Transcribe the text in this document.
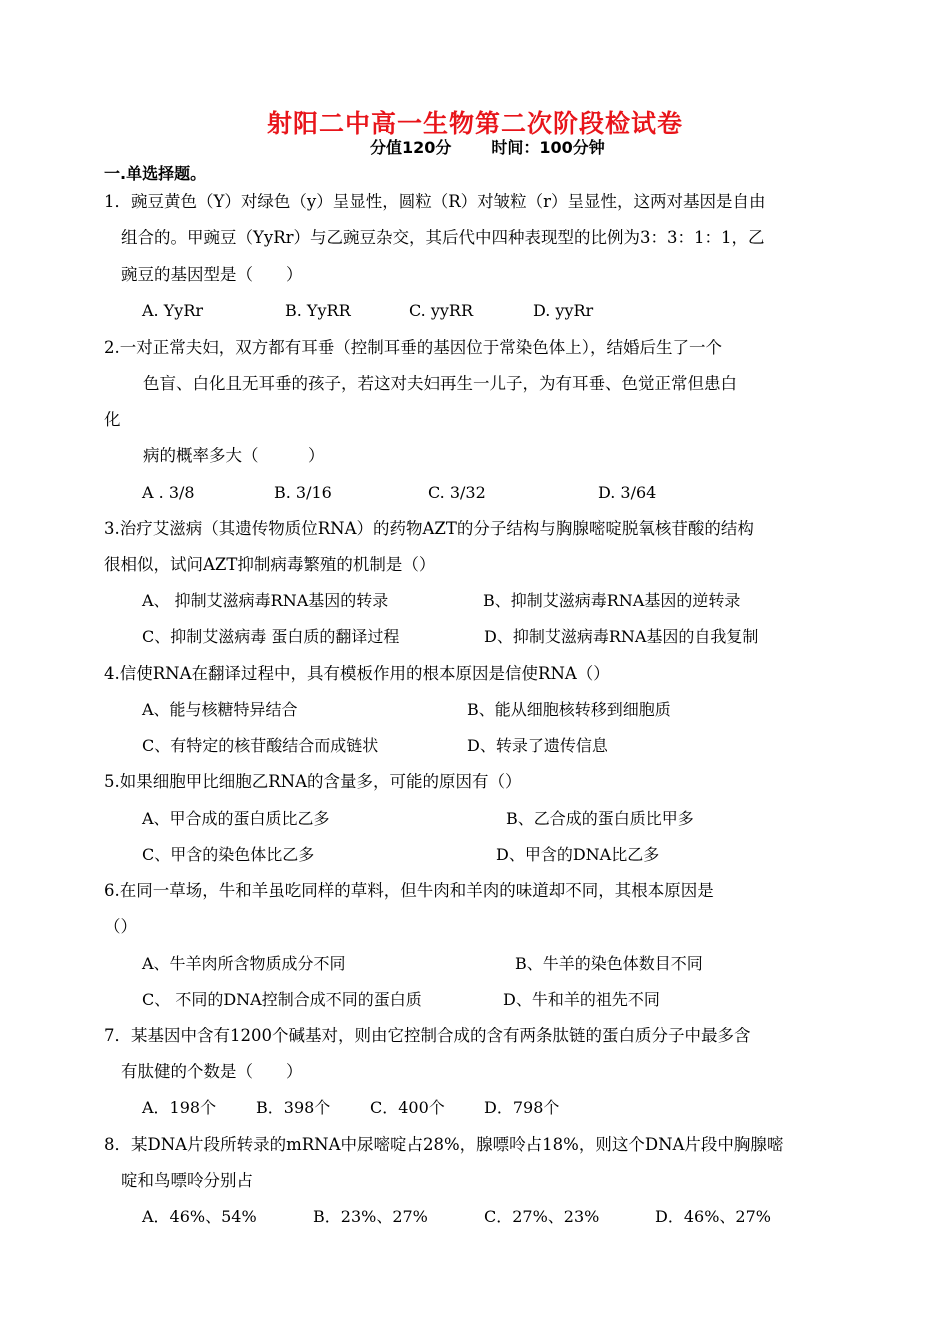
射阳二中高一生物第二次阶段检试卷
分值120分	时间：100分钟
一.单选择题。
1．豌豆黄色（Y）对绿色（y）呈显性，圆粒（R）对皱粒（r）呈显性，这两对基因是自由
组合的。甲豌豆（YyRr）与乙豌豆杂交，其后代中四种表现型的比例为3：3：1：1，乙
豌豆的基因型是（　　）
A. YyRr	B. YyRR	C. yyRR	D. yyRr
2.一对正常夫妇，双方都有耳垂（控制耳垂的基因位于常染色体上），结婚后生了一个
色盲、白化且无耳垂的孩子，若这对夫妇再生一儿子，为有耳垂、色觉正常但患白
化
病的概率多大（　　　）
A . 3/8	B. 3/16	C. 3/32	D. 3/64
3.治疗艾滋病（其遗传物质位RNA）的药物AZT的分子结构与胸腺嘧啶脱氧核苷酸的结构
很相似，试问AZT抑制病毒繁殖的机制是（）
A、 抑制艾滋病毒RNA基因的转录	B、抑制艾滋病毒RNA基因的逆转录
C、抑制艾滋病毒 蛋白质的翻译过程	D、抑制艾滋病毒RNA基因的自我复制
4.信使RNA在翻译过程中，具有模板作用的根本原因是信使RNA（）
A、能与核糖特异结合	B、能从细胞核转移到细胞质
C、有特定的核苷酸结合而成链状	D、转录了遗传信息
5.如果细胞甲比细胞乙RNA的含量多，可能的原因有（）
A、甲合成的蛋白质比乙多	B、乙合成的蛋白质比甲多
C、甲含的染色体比乙多	D、甲含的DNA比乙多
6.在同一草场，牛和羊虽吃同样的草料，但牛肉和羊肉的味道却不同，其根本原因是
（）
A、牛羊肉所含物质成分不同	B、牛羊的染色体数目不同
C、 不同的DNA控制合成不同的蛋白质	D、牛和羊的祖先不同
7．某基因中含有1200个碱基对，则由它控制合成的含有两条肽链的蛋白质分子中最多含
有肽健的个数是（　　）
A．198个 B．398个 C．400个 D．798个
8．某DNA片段所转录的mRNA中尿嘧啶占28%，腺嘌呤占18%，则这个DNA片段中胸腺嘧
啶和鸟嘌呤分别占
A．46%、54%	B．23%、27%	C．27%、23%	D．46%、27%
